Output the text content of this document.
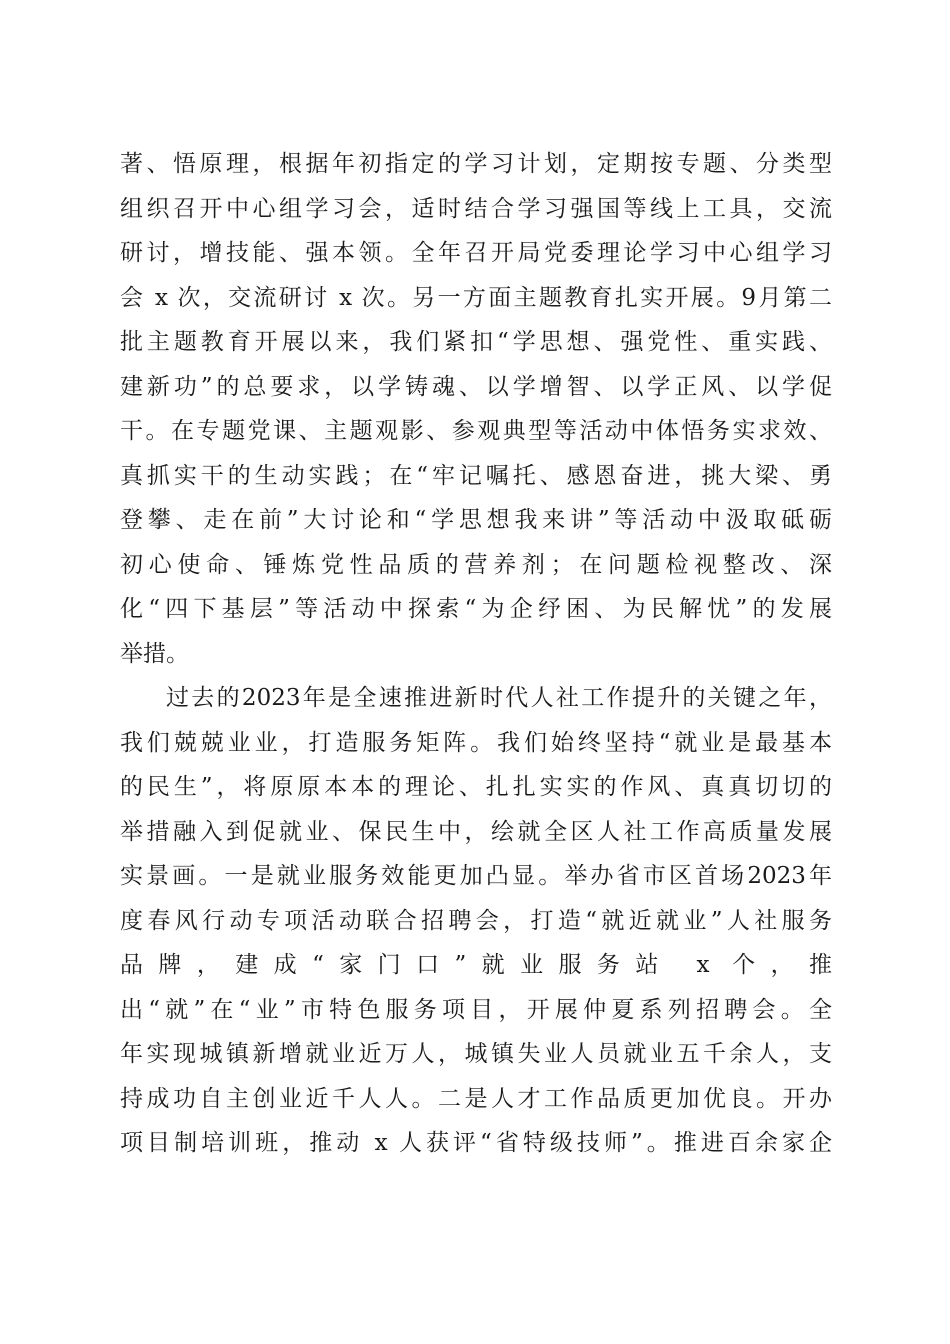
著、悟原理，根据年初指定的学习计划，定期按专题、分类型
组织召开中心组学习会，适时结合学习强国等线上工具，交流
研讨，增技能、强本领。全年召开局党委理论学习中心组学习
会 x 次，交流研讨 x 次。另一方面主题教育扎实开展。9月第二
批主题教育开展以来，我们紧扣“学思想、强党性、重实践、
建新功”的总要求，以学铸魂、以学增智、以学正风、以学促
干。在专题党课、主题观影、参观典型等活动中体悟务实求效、
真抓实干的生动实践；在“牢记嘱托、感恩奋进，挑大梁、勇
登攀、走在前”大讨论和“学思想我来讲”等活动中汲取砥砺
初心使命、锤炼党性品质的营养剂；在问题检视整改、深
化“四下基层”等活动中探索“为企纾困、为民解忧”的发展
举措。
过去的2023年是全速推进新时代人社工作提升的关键之年，
我们兢兢业业，打造服务矩阵。我们始终坚持“就业是最基本
的民生”，将原原本本的理论、扎扎实实的作风、真真切切的
举措融入到促就业、保民生中，绘就全区人社工作高质量发展
实景画。一是就业服务效能更加凸显。举办省市区首场2023年
度春风行动专项活动联合招聘会，打造“就近就业”人社服务
品牌，建成“家门口”就业服务站 x 个，推
出“就”在“业”市特色服务项目，开展仲夏系列招聘会。全
年实现城镇新增就业近万人，城镇失业人员就业五千余人，支
持成功自主创业近千人人。二是人才工作品质更加优良。开办
项目制培训班，推动 x 人获评“省特级技师”。推进百余家企
